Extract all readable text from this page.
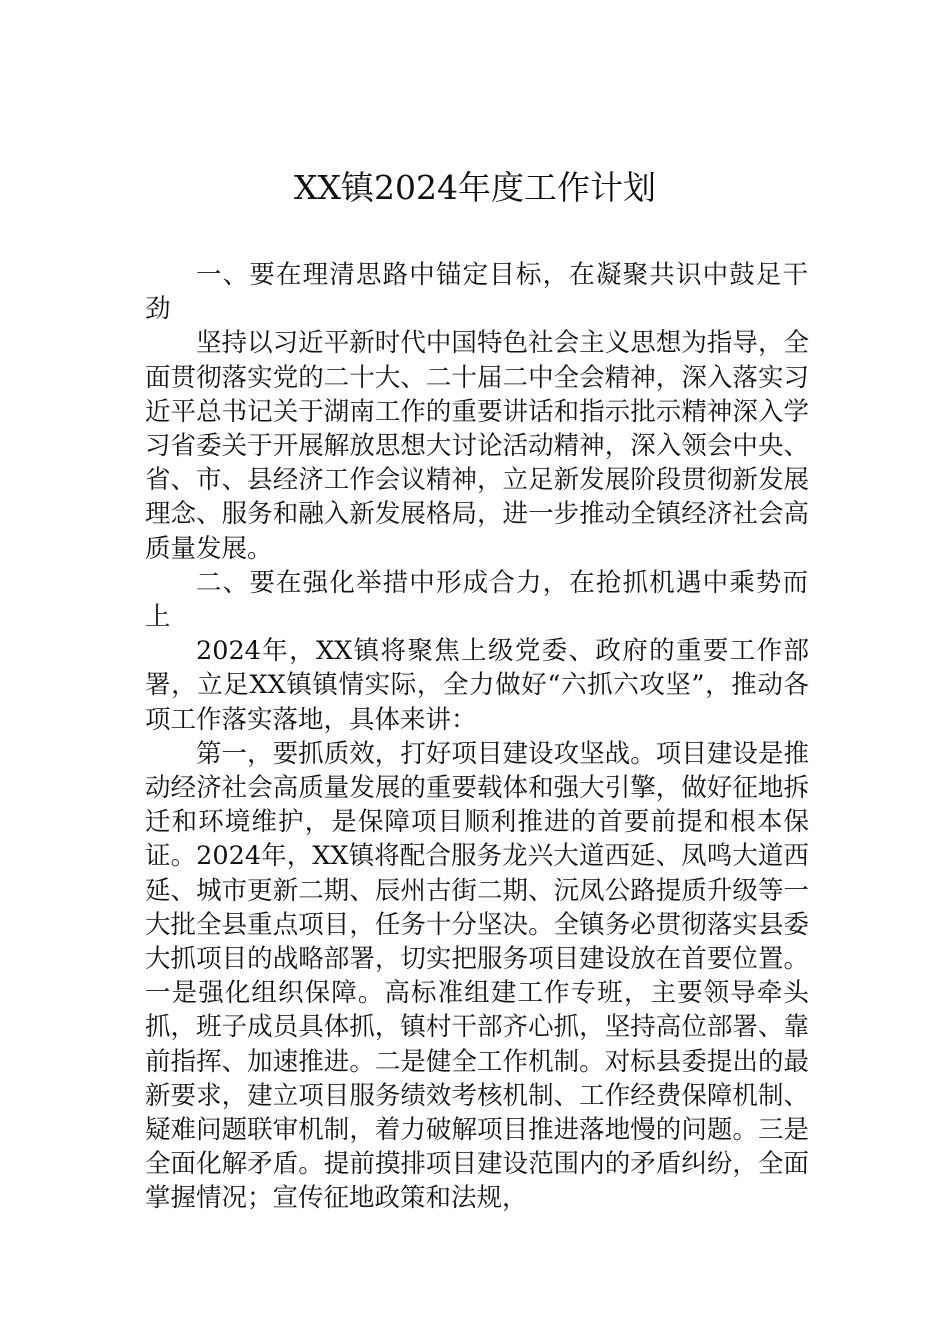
XX镇2024年度工作计划

一、要在理清思路中锚定目标，在凝聚共识中鼓足干劲

坚持以习近平新时代中国特色社会主义思想为指导，全面贯彻落实党的二十大、二十届二中全会精神，深入落实习近平总书记关于湖南工作的重要讲话和指示批示精神深入学习省委关于开展解放思想大讨论活动精神，深入领会中央、省、市、县经济工作会议精神，立足新发展阶段贯彻新发展理念、服务和融入新发展格局，进一步推动全镇经济社会高质量发展。

二、要在强化举措中形成合力，在抢抓机遇中乘势而上

2024年，XX镇将聚焦上级党委、政府的重要工作部署，立足XX镇镇情实际，全力做好“六抓六攻坚”，推动各项工作落实落地，具体来讲：

第一，要抓质效，打好项目建设攻坚战。项目建设是推动经济社会高质量发展的重要载体和强大引擎，做好征地拆迁和环境维护，是保障项目顺利推进的首要前提和根本保证。2024年，XX镇将配合服务龙兴大道西延、凤鸣大道西延、城市更新二期、辰州古街二期、沅凤公路提质升级等一大批全县重点项目，任务十分坚决。全镇务必贯彻落实县委大抓项目的战略部署，切实把服务项目建设放在首要位置。一是强化组织保障。高标准组建工作专班，主要领导牵头抓，班子成员具体抓，镇村干部齐心抓，坚持高位部署、靠前指挥、加速推进。二是健全工作机制。对标县委提出的最新要求，建立项目服务绩效考核机制、工作经费保障机制、疑难问题联审机制，着力破解项目推进落地慢的问题。三是全面化解矛盾。提前摸排项目建设范围内的矛盾纠纷，全面掌握情况；宣传征地政策和法规，
